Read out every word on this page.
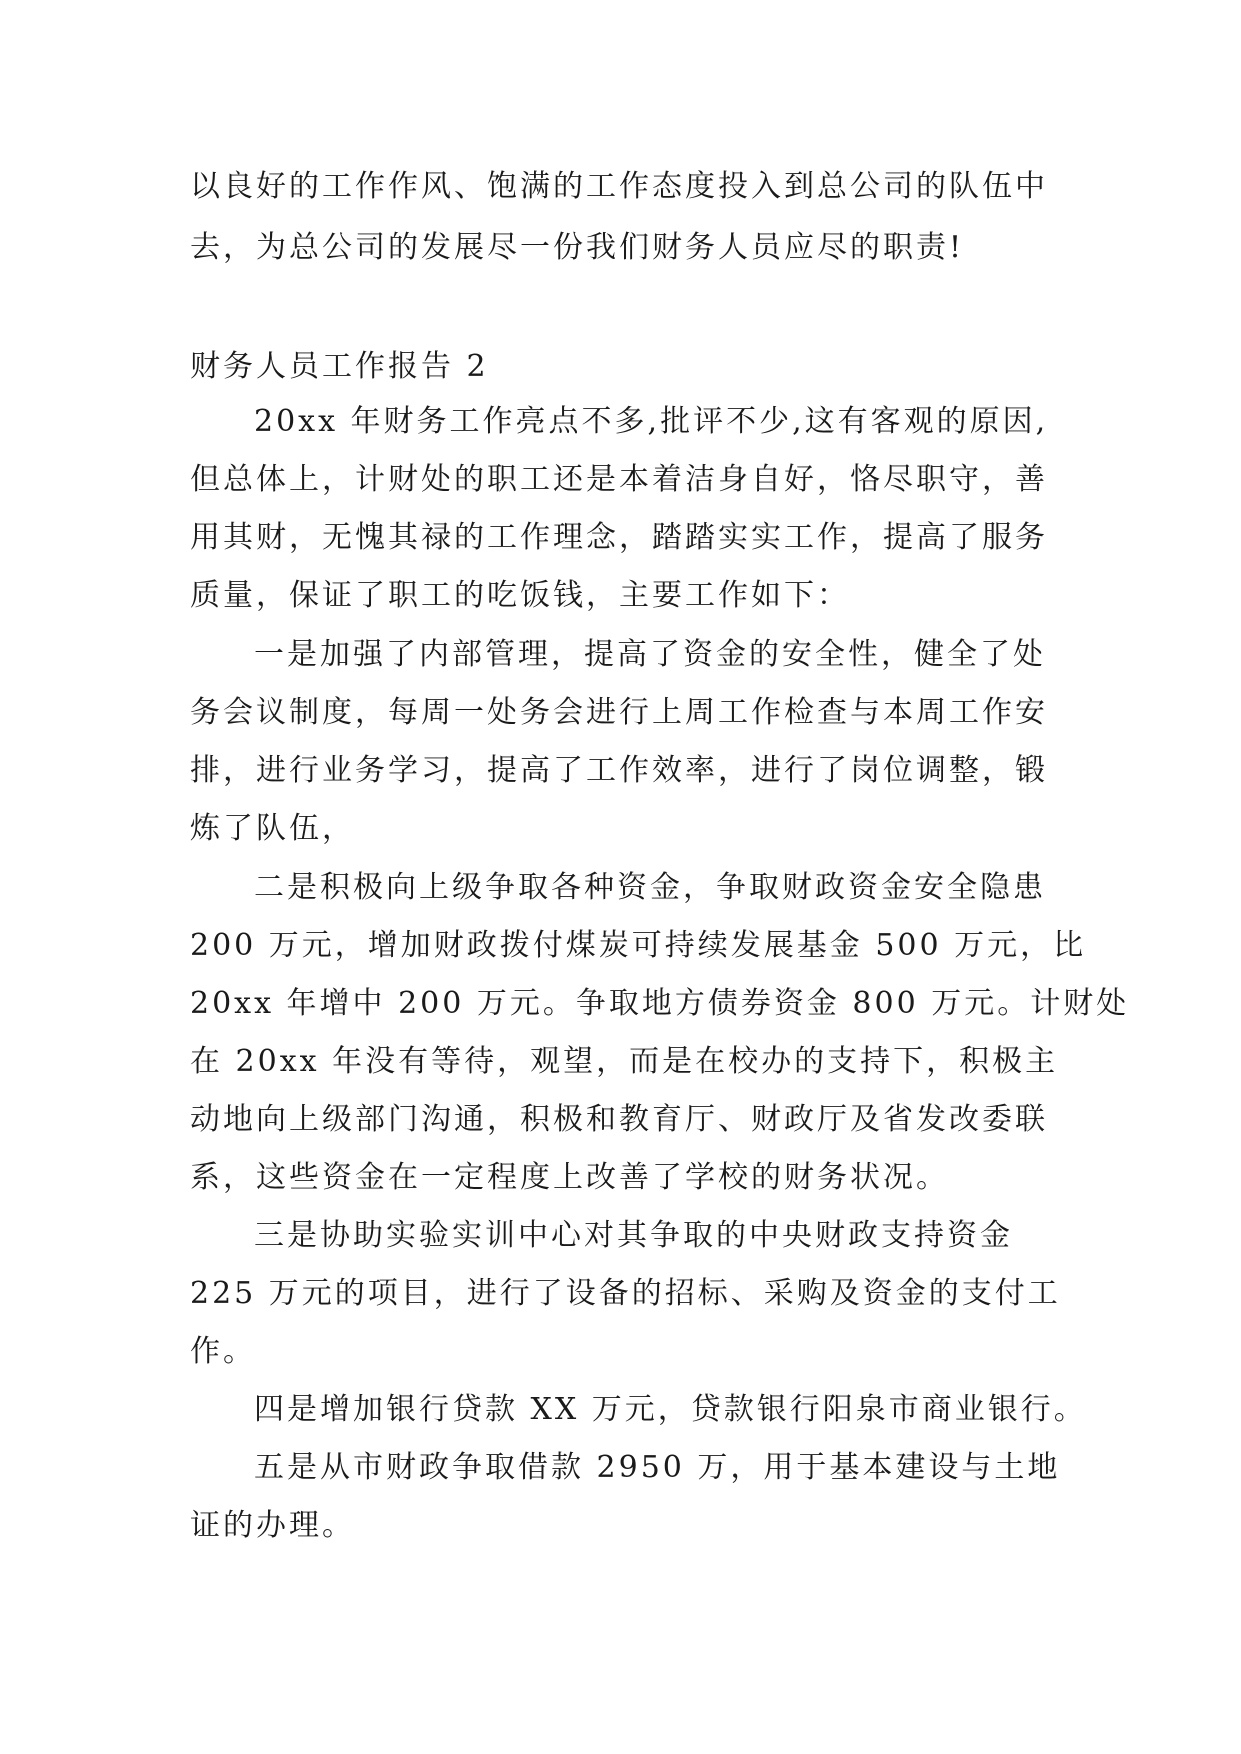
以良好的工作作风、饱满的工作态度投入到总公司的队伍中
去，为总公司的发展尽一份我们财务人员应尽的职责!
财务人员工作报告 2
20xx 年财务工作亮点不多,批评不少,这有客观的原因,
但总体上，计财处的职工还是本着洁身自好，恪尽职守，善
用其财，无愧其禄的工作理念，踏踏实实工作，提高了服务
质量，保证了职工的吃饭钱，主要工作如下：
一是加强了内部管理，提高了资金的安全性，健全了处
务会议制度，每周一处务会进行上周工作检查与本周工作安
排，进行业务学习，提高了工作效率，进行了岗位调整，锻
炼了队伍，
二是积极向上级争取各种资金，争取财政资金安全隐患
200 万元，增加财政拨付煤炭可持续发展基金 500 万元，比
20xx 年增中 200 万元。争取地方债券资金 800 万元。计财处
在 20xx 年没有等待，观望，而是在校办的支持下，积极主
动地向上级部门沟通，积极和教育厅、财政厅及省发改委联
系，这些资金在一定程度上改善了学校的财务状况。
三是协助实验实训中心对其争取的中央财政支持资金
225 万元的项目，进行了设备的招标、采购及资金的支付工
作。
四是增加银行贷款 XX 万元，贷款银行阳泉市商业银行。
五是从市财政争取借款 2950 万，用于基本建设与土地
证的办理。
